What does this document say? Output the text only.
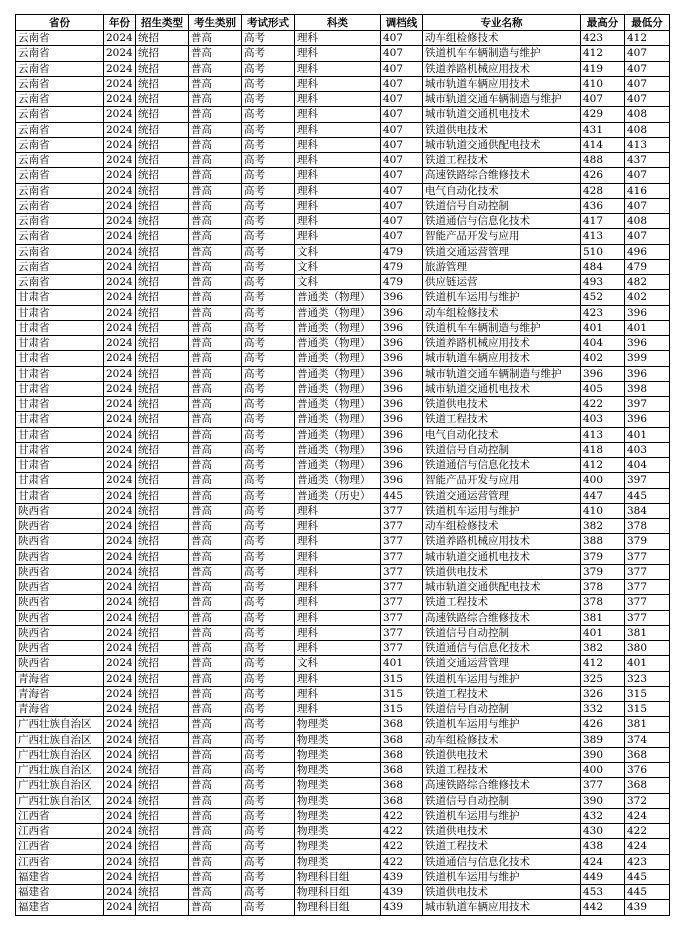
省份	年份	招生类型	考生类别	考试形式	科类	调档线	专业名称	最高分	最低分
云南省	2024	统招	普高	高考	理科	407	动车组检修技术	423	412
云南省	2024	统招	普高	高考	理科	407	铁道机车车辆制造与维护	412	407
云南省	2024	统招	普高	高考	理科	407	铁道养路机械应用技术	419	407
云南省	2024	统招	普高	高考	理科	407	城市轨道车辆应用技术	410	407
云南省	2024	统招	普高	高考	理科	407	城市轨道交通车辆制造与维护	407	407
云南省	2024	统招	普高	高考	理科	407	城市轨道交通机电技术	429	408
云南省	2024	统招	普高	高考	理科	407	铁道供电技术	431	408
云南省	2024	统招	普高	高考	理科	407	城市轨道交通供配电技术	414	413
云南省	2024	统招	普高	高考	理科	407	铁道工程技术	488	437
云南省	2024	统招	普高	高考	理科	407	高速铁路综合维修技术	426	407
云南省	2024	统招	普高	高考	理科	407	电气自动化技术	428	416
云南省	2024	统招	普高	高考	理科	407	铁道信号自动控制	436	407
云南省	2024	统招	普高	高考	理科	407	铁道通信与信息化技术	417	408
云南省	2024	统招	普高	高考	理科	407	智能产品开发与应用	413	407
云南省	2024	统招	普高	高考	文科	479	铁道交通运营管理	510	496
云南省	2024	统招	普高	高考	文科	479	旅游管理	484	479
云南省	2024	统招	普高	高考	文科	479	供应链运营	493	482
甘肃省	2024	统招	普高	高考	普通类（物理）	396	铁道机车运用与维护	452	402
甘肃省	2024	统招	普高	高考	普通类（物理）	396	动车组检修技术	423	396
甘肃省	2024	统招	普高	高考	普通类（物理）	396	铁道机车车辆制造与维护	401	401
甘肃省	2024	统招	普高	高考	普通类（物理）	396	铁道养路机械应用技术	404	396
甘肃省	2024	统招	普高	高考	普通类（物理）	396	城市轨道车辆应用技术	402	399
甘肃省	2024	统招	普高	高考	普通类（物理）	396	城市轨道交通车辆制造与维护	396	396
甘肃省	2024	统招	普高	高考	普通类（物理）	396	城市轨道交通机电技术	405	398
甘肃省	2024	统招	普高	高考	普通类（物理）	396	铁道供电技术	422	397
甘肃省	2024	统招	普高	高考	普通类（物理）	396	铁道工程技术	403	396
甘肃省	2024	统招	普高	高考	普通类（物理）	396	电气自动化技术	413	401
甘肃省	2024	统招	普高	高考	普通类（物理）	396	铁道信号自动控制	418	403
甘肃省	2024	统招	普高	高考	普通类（物理）	396	铁道通信与信息化技术	412	404
甘肃省	2024	统招	普高	高考	普通类（物理）	396	智能产品开发与应用	400	397
甘肃省	2024	统招	普高	高考	普通类（历史）	445	铁道交通运营管理	447	445
陕西省	2024	统招	普高	高考	理科	377	铁道机车运用与维护	410	384
陕西省	2024	统招	普高	高考	理科	377	动车组检修技术	382	378
陕西省	2024	统招	普高	高考	理科	377	铁道养路机械应用技术	388	379
陕西省	2024	统招	普高	高考	理科	377	城市轨道交通机电技术	379	377
陕西省	2024	统招	普高	高考	理科	377	铁道供电技术	379	377
陕西省	2024	统招	普高	高考	理科	377	城市轨道交通供配电技术	378	377
陕西省	2024	统招	普高	高考	理科	377	铁道工程技术	378	377
陕西省	2024	统招	普高	高考	理科	377	高速铁路综合维修技术	381	377
陕西省	2024	统招	普高	高考	理科	377	铁道信号自动控制	401	381
陕西省	2024	统招	普高	高考	理科	377	铁道通信与信息化技术	382	380
陕西省	2024	统招	普高	高考	文科	401	铁道交通运营管理	412	401
青海省	2024	统招	普高	高考	理科	315	铁道机车运用与维护	325	323
青海省	2024	统招	普高	高考	理科	315	铁道工程技术	326	315
青海省	2024	统招	普高	高考	理科	315	铁道信号自动控制	332	315
广西壮族自治区	2024	统招	普高	高考	物理类	368	铁道机车运用与维护	426	381
广西壮族自治区	2024	统招	普高	高考	物理类	368	动车组检修技术	389	374
广西壮族自治区	2024	统招	普高	高考	物理类	368	铁道供电技术	390	368
广西壮族自治区	2024	统招	普高	高考	物理类	368	铁道工程技术	400	376
广西壮族自治区	2024	统招	普高	高考	物理类	368	高速铁路综合维修技术	377	368
广西壮族自治区	2024	统招	普高	高考	物理类	368	铁道信号自动控制	390	372
江西省	2024	统招	普高	高考	物理类	422	铁道机车运用与维护	432	424
江西省	2024	统招	普高	高考	物理类	422	铁道供电技术	430	422
江西省	2024	统招	普高	高考	物理类	422	铁道工程技术	438	424
江西省	2024	统招	普高	高考	物理类	422	铁道通信与信息化技术	424	423
福建省	2024	统招	普高	高考	物理科目组	439	铁道机车运用与维护	449	445
福建省	2024	统招	普高	高考	物理科目组	439	铁道供电技术	453	445
福建省	2024	统招	普高	高考	物理科目组	439	城市轨道车辆应用技术	442	439
